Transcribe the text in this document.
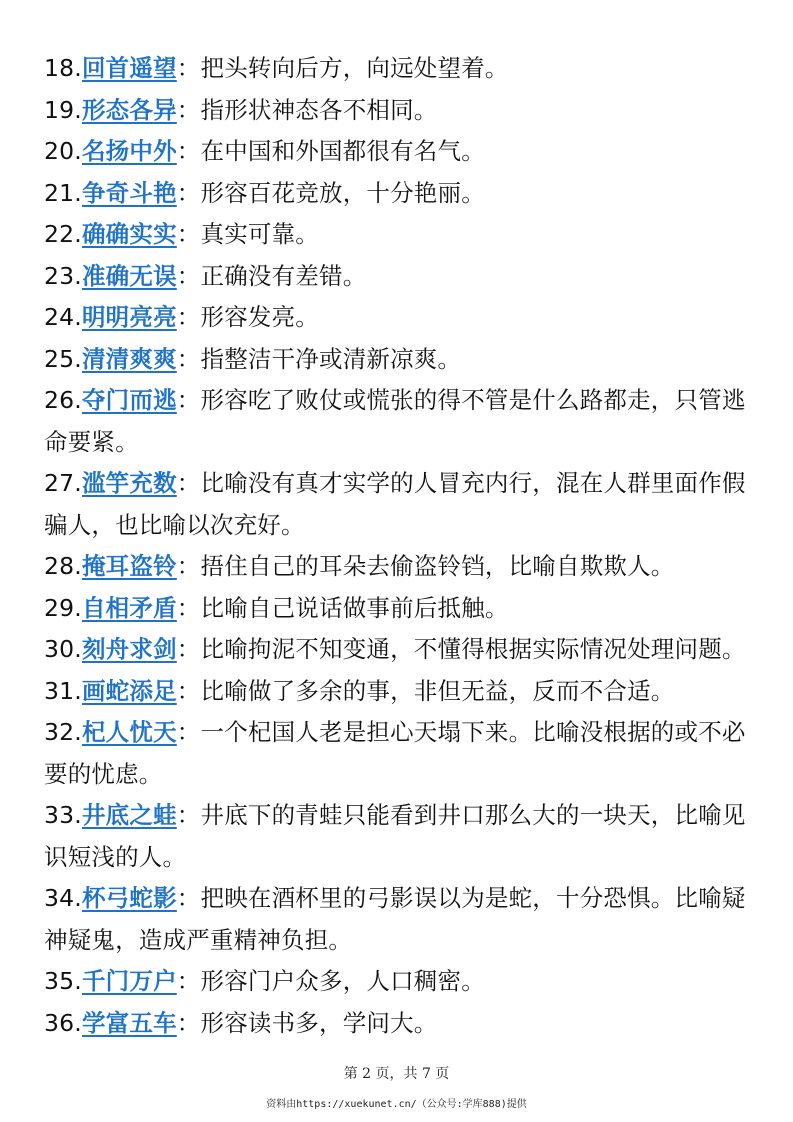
18.回首遥望：把头转向后方，向远处望着。

19.形态各异：指形状神态各不相同。

20.名扬中外：在中国和外国都很有名气。

21.争奇斗艳：形容百花竞放，十分艳丽。

22.确确实实：真实可靠。

23.准确无误：正确没有差错。

24.明明亮亮：形容发亮。

25.清清爽爽：指整洁干净或清新凉爽。

26.夺门而逃：形容吃了败仗或慌张的得不管是什么路都走，只管逃命要紧。

27.滥竽充数：比喻没有真才实学的人冒充内行，混在人群里面作假骗人，也比喻以次充好。

28.掩耳盗铃：捂住自己的耳朵去偷盗铃铛，比喻自欺欺人。

29.自相矛盾：比喻自己说话做事前后抵触。

30.刻舟求剑：比喻拘泥不知变通，不懂得根据实际情况处理问题。

31.画蛇添足：比喻做了多余的事，非但无益，反而不合适。

32.杞人忧天：一个杞国人老是担心天塌下来。比喻没根据的或不必要的忧虑。

33.井底之蛙：井底下的青蛙只能看到井口那么大的一块天，比喻见识短浅的人。

34.杯弓蛇影：把映在酒杯里的弓影误以为是蛇，十分恐惧。比喻疑神疑鬼，造成严重精神负担。

35.千门万户：形容门户众多，人口稠密。

36.学富五车：形容读书多，学问大。

第 2 页，共 7 页
资料由https://xuekunet.cn/（公众号:学库888)提供
